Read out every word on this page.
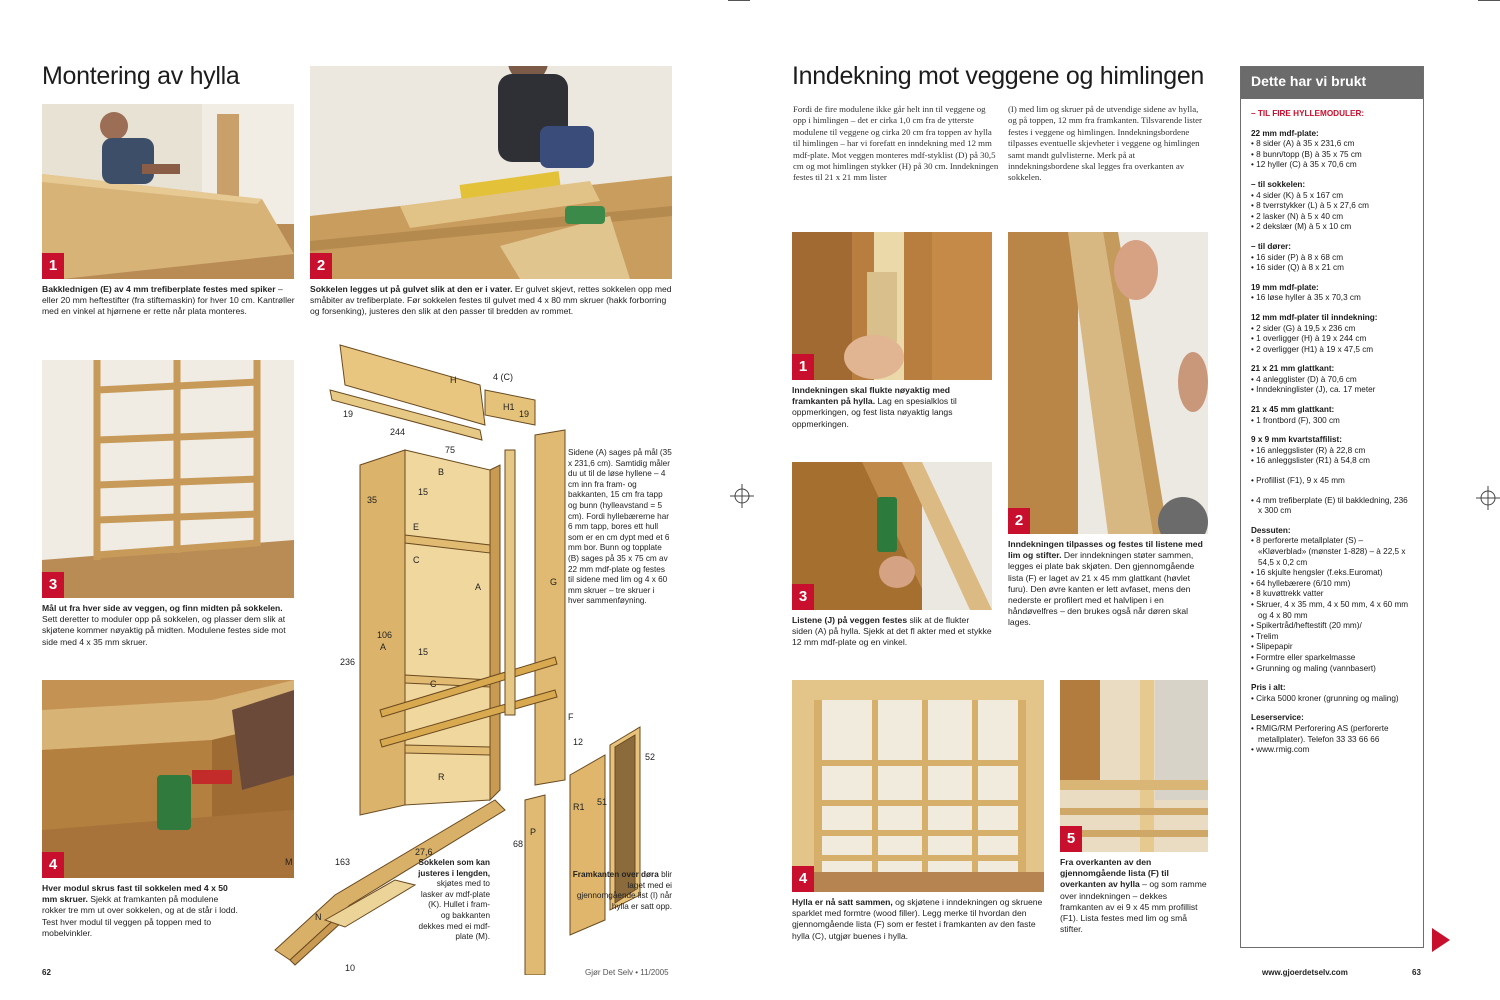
Montering av hylla
1
Bakklednigen (E) av 4 mm trefiberplate festes med spiker – eller 20 mm heftestifter (fra stiftemaskin) for hver 10 cm. Kantrøller med en vinkel at hjørnene er rette når plata monteres.
2
Sokkelen legges ut på gulvet slik at den er i vater. Er gulvet skjevt, rettes sokkelen opp med småbiter av trefiberplate. Før sokkelen festes til gulvet med 4 x 80 mm skruer (hakk forborring og forsenking), justeres den slik at den passer til bredden av rommet.
3
Mål ut fra hver side av veggen, og finn midten på sokkelen. Sett deretter to moduler opp på sokkelen, og plasser dem slik at skjøtene kommer nøyaktig på midten. Modulene festes side mot side med 4 x 35 mm skruer.
4
Hver modul skrus fast til sokkelen med 4 x 50 mm skruer. Sjekk at framkanten på modulene rokker tre mm ut over sokkelen, og at de står i lodd. Test hver modul til veggen på toppen med to mobelvinkler.
H
H1
A
A
B
R
C
C
E
G
F
M
N
P
R1
244
4 (C)
19	19
35
75
15
106
236
15
12
163
27,6
10
68
51
52
Sidene (A) sages på mål (35 x 231,6 cm). Samtidig måler du ut til de løse hyllene – 4 cm inn fra fram- og bakkanten, 15 cm fra tapp og bunn (hylleavstand = 5 cm). Fordi hyllebærerne har 6 mm tapp, bores ett hull som er en cm dypt med et 6 mm bor. Bunn og topplate (B) sages på 35 x 75 cm av 22 mm mdf-plate og festes til sidene med lim og 4 x 60 mm skruer – tre skruer i hver sammenføyning.
Sokkelen som kan justeres i lengden, skjøtes med to lasker av mdf-plate (K). Hullet i fram- og bakkanten dekkes med ei mdf-plate (M).
Framkanten over døra blir laget med ei gjennomgående list (I) når hylla er satt opp.
62	Gjør Det Selv • 11/2005
Inndekning mot veggene og himlingen
Fordi de fire modulene ikke går helt inn til veggene og opp i himlingen – det er cirka 1,0 cm fra de ytterste modulene til veggene og cirka 20 cm fra toppen av hylla til himlingen – har vi forefatt en inndekning med 12 mm mdf-plate. Mot veggen monteres mdf-styklist (D) på 30,5 cm og mot himlingen stykker (H) på 30 cm. Inndekningen festes til 21 x 21 mm lister
(I) med lim og skruer på de utvendige sidene av hylla, og på toppen, 12 mm fra framkanten. Tilsvarende lister festes i veggene og himlingen. Inndekningsbordene tilpasses eventuelle skjevheter i veggene og himlingen samt mandt gulvlisterne. Merk på at inndekningsbordene skal legges fra overkanten av sokkelen.
1
Inndekningen skal flukte nøyaktig med framkanten på hylla. Lag en spesialklos til oppmerkingen, og fest lista nøyaktig langs oppmerkingen.
2
Inndekningen tilpasses og festes til listene med lim og stifter. Der inndekningen støter sammen, legges ei plate bak skjøten. Den gjennomgående lista (F) er laget av 21 x 45 mm glattkant (høvlet furu). Den øvre kanten er lett avfaset, mens den nederste er profilert med et halvlipen i en håndøvelfres – den brukes også når døren skal lages.
3
Listene (J) på veggen festes slik at de flukter siden (A) på hylla. Sjekk at det fl akter med et stykke 12 mm mdf-plate og en vinkel.
4
Hylla er nå satt sammen, og skjøtene i inndekningen og skruene sparklet med formtre (wood filler). Legg merke til hvordan den gjennomgående lista (F) som er festet i framkanten av den faste hylla (C), utgjør buenes i hylla.
5
Fra overkanten av den gjennomgående lista (F) til overkanten av hylla – og som ramme over inndekningen – dekkes framkanten av ei 9 x 45 mm profillist (F1). Lista festes med lim og små stifter.
Dette har vi brukt
– TIL FIRE HYLLEMODULER:
22 mm mdf-plate:
• 8 sider (A) à 35 x 231,6 cm
• 8 bunn/topp (B) à 35 x 75 cm
• 12 hyller (C) à 35 x 70,6 cm
– til sokkelen:
• 4 sider (K) à 5 x 167 cm
• 8 tverrstykker (L) à 5 x 27,6 cm
• 2 lasker (N) à 5 x 40 cm
• 2 dekslær (M) à 5 x 10 cm
– til dører:
• 16 sider (P) à 8 x 68 cm
• 16 sider (Q) à 8 x 21 cm
19 mm mdf-plate:
• 16 løse hyller à 35 x 70,3 cm
12 mm mdf-plater til inndekning:
• 2 sider (G) à 19,5 x 236 cm
• 1 overligger (H) à 19 x 244 cm
• 2 overligger (H1) à 19 x 47,5 cm
21 x 21 mm glattkant:
• 4 anlegglister (D) à 70,6 cm
• Inndekninglister (J), ca. 17 meter
21 x 45 mm glattkant:
• 1 frontbord (F), 300 cm
9 x 9 mm kvartstaffilist:
• 16 anleggslister (R) à 22,8 cm
• 16 anleggslister (R1) à 54,8 cm
• Profillist (F1), 9 x 45 mm
• 4 mm trefiberplate (E) til bakkledning, 236 x 300 cm
Dessuten:
• 8 perforerte metallplater (S) – «Kløverblad» (mønster 1-828) – à 22,5 x 54,5 x 0,2 cm
• 16 skjulte hengsler (f.eks.Euromat)
• 64 hyllebærere (6/10 mm)
• 8 kuvøttrekk vatter
• Skruer, 4 x 35 mm, 4 x 50 mm, 4 x 60 mm og 4 x 80 mm
• Spikertråd/heftestift (20 mm)/
• Trelim
• Slipepapir
• Formtre eller sparkelmasse
• Grunning og maling (vannbasert)
Pris i alt:
• Cirka 5000 kroner (grunning og maling)
Leserservice:
• RMIG/RM Perforering AS (perforerte metallplater). Telefon 33 33 66 66
• www.rmig.com
www.gjoerdetselv.com	63
